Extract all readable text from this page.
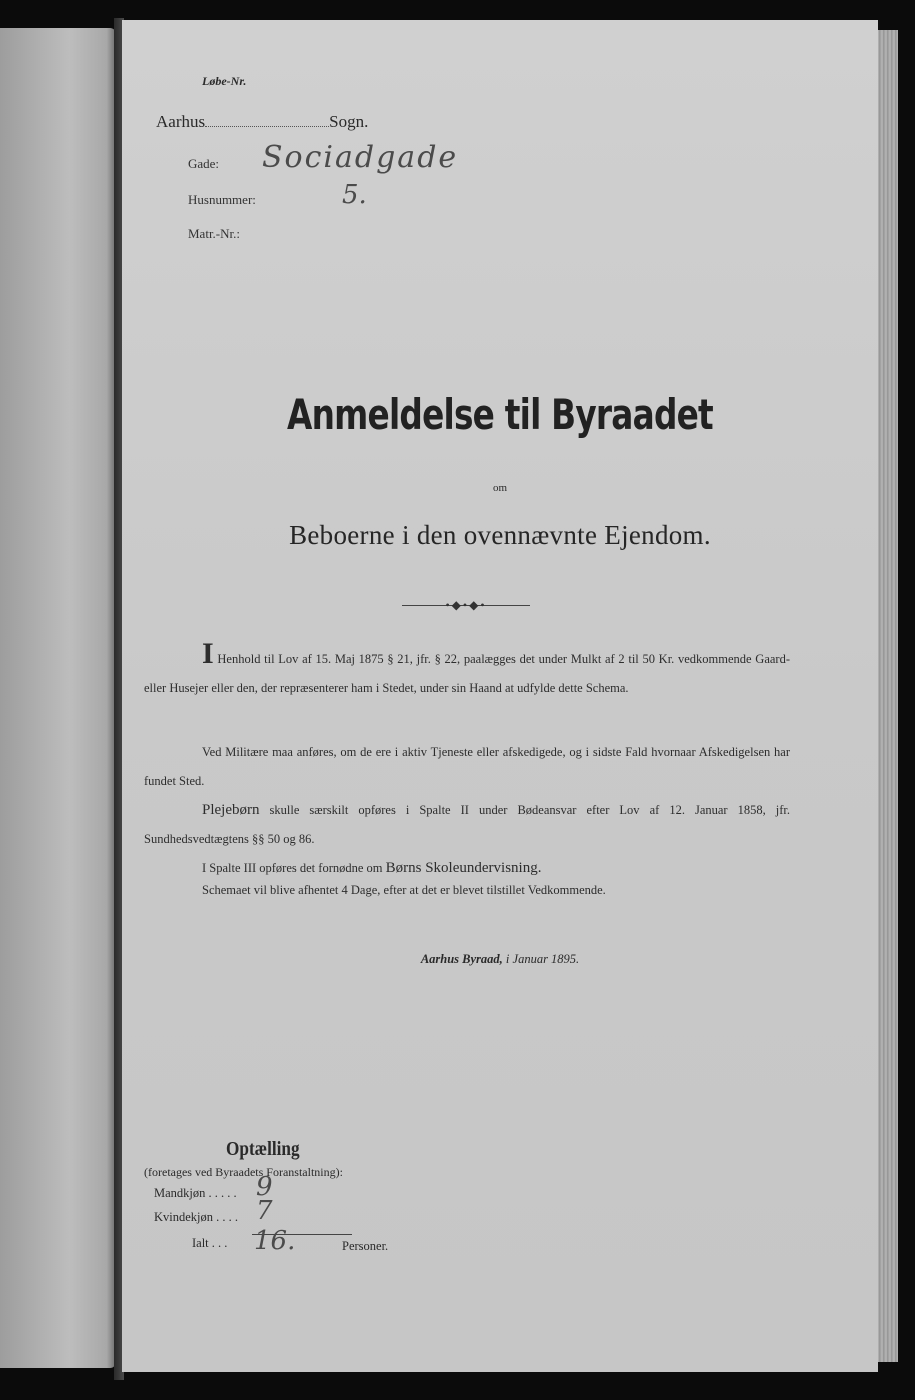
Løbe-Nr.
Aarhus	Sogn.
Gade: Sociadgade
Husnummer:	5.
Matr.-Nr.:
Anmeldelse til Byraadet
om
Beboerne i den ovennævnte Ejendom.
•◆•◆•
I Henhold til Lov af 15. Maj 1875 § 21, jfr. § 22, paalægges det under Mulkt af 2 til 50 Kr. vedkommende Gaard- eller Husejer eller den, der repræsenterer ham i Stedet, under sin Haand at udfylde dette Schema.
Ved Militære maa anføres, om de ere i aktiv Tjeneste eller afskedigede, og i sidste Fald hvornaar Afskedigelsen har fundet Sted.
Plejebørn skulle særskilt opføres i Spalte II under Bødeansvar efter Lov af 12. Januar 1858, jfr. Sundhedsvedtægtens §§ 50 og 86.
I Spalte III opføres det fornødne om Børns Skoleundervisning.
Schemaet vil blive afhentet 4 Dage, efter at det er blevet tilstillet Vedkommende.
Aarhus Byraad, i Januar 1895.
Optælling
(foretages ved Byraadets Foranstaltning):
Mandkjøn . . . . . 9
Kvindekjøn . . . . 7
Ialt . . . 16.	Personer.
